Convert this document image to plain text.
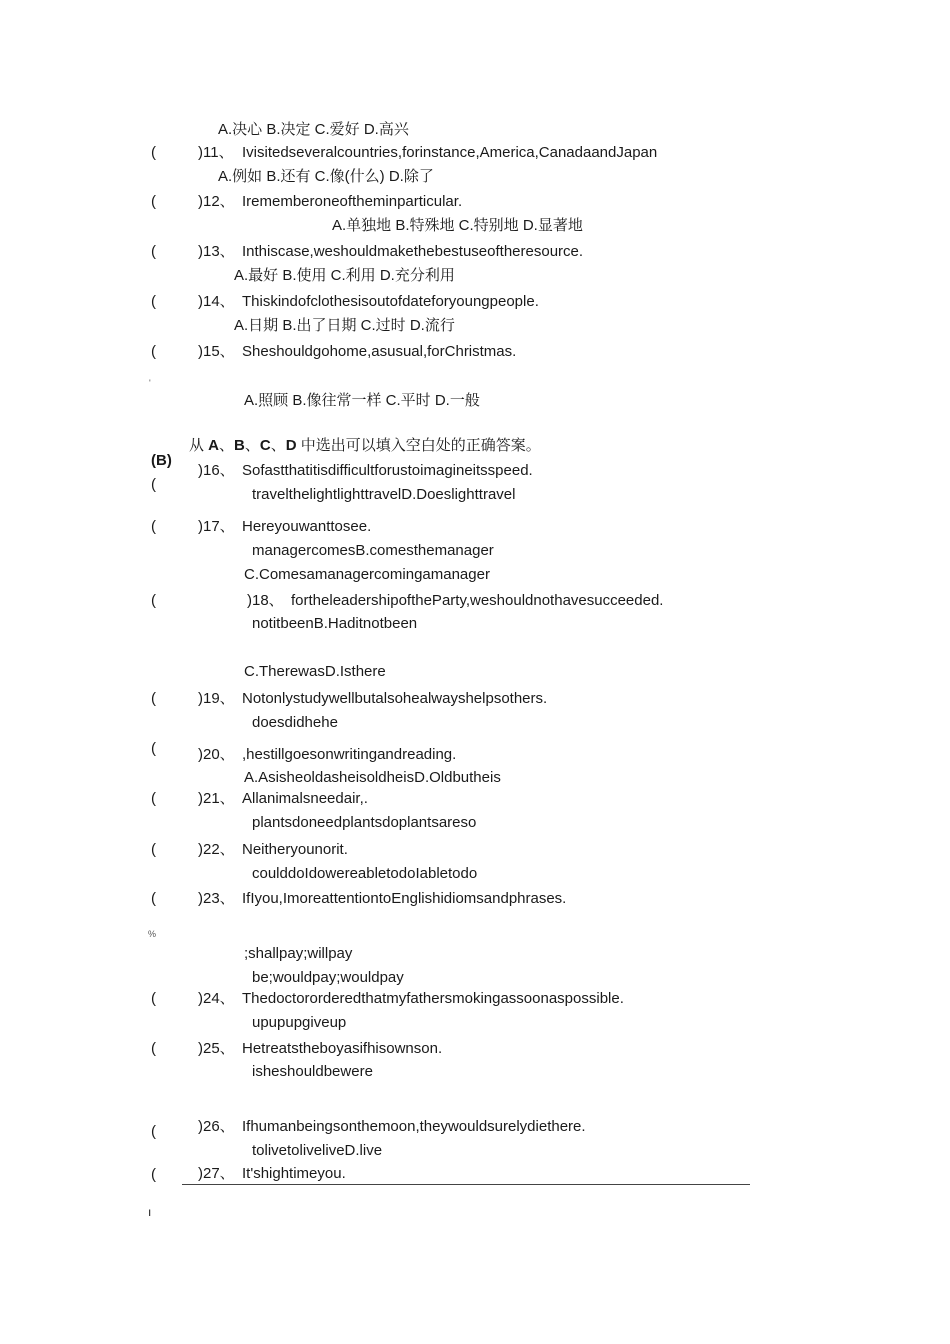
A.决心 B.决定 C.爱好 D.高兴
(	)11、 Ivisitedseveralcountries,forinstance,America,CanadaandJapan
A.例如 B.还有 C.像(什么) D.除了
(	)12、 Irememberoneoftheminparticular.
A.单独地 B.特殊地 C.特别地 D.显著地
(	)13、 Inthiscase,weshouldmakethebestuseoftheresource.
A.最好 B.使用 C.利用 D.充分利用
(	)14、 Thiskindofclothesisoutofdateforyoungpeople.
A.日期 B.出了日期 C.过时 D.流行
(	)15、 Sheshouldgohome,asusual,forChristmas.
'
A.照顾 B.像往常一样 C.平时 D.一般
从 A、B、C、D 中选出可以填入空白处的正确答案。
(B)
(
)16、 Sofastthatitisdifficultforustoimagineitsspeed.
travelthelightlighttravelD.Doeslighttravel
(	)17、 Hereyouwanttosee.
managercomesB.comesthemanager
C.Comesamanagercomingamanager
(	)18、 fortheleadershipoftheParty,weshouldnothavesucceeded.
notitbeenB.Haditnotbeen
C.TherewasD.Isthere
(	)19、 Notonlystudywellbutalsohealwayshelpsothers.
doesdidhehe
(	)20、 ,hestillgoesonwritingandreading.
A.AsisheoldasheisoldheisD.Oldbutheis
(	)21、 Allanimalsneedair,.
plantsdoneedplantsdoplantsareso
(	)22、 Neitheryounorit.
coulddoIdowereabletodoIabletodo
(	)23、 IfIyou,ImoreattentiontoEnglishidiomsandphrases.
%
;shallpay;willpay
be;wouldpay;wouldpay
(	)24、 Thedoctororderedthatmyfathersmokingassoonaspossible.
upupupgiveup
(	)25、 Hetreatstheboyasifhisownson.
isheshouldbewere
(	)26、 Ifhumanbeingsonthemoon,theywouldsurelydiethere.
tolivetoliveliveD.live
(	)27、 It'shightimeyou.
ı
